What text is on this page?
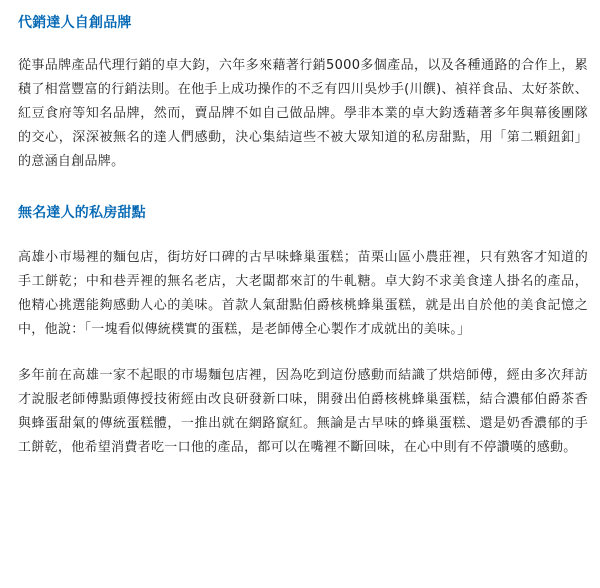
代銷達人自創品牌

從事品牌產品代理行銷的卓大鈞，六年多來藉著行銷5000多個產品，以及各種通路的合作上，累積了相當豐富的行銷法則。在他手上成功操作的不乏有四川吳炒手(川饌)、禎祥食品、太好茶飲、紅豆食府等知名品牌，然而，賣品牌不如自己做品牌。學非本業的卓大鈞透藉著多年與幕後團隊的交心，深深被無名的達人們感動，決心集結這些不被大眾知道的私房甜點，用「第二顆鈕釦」的意涵自創品牌。

無名達人的私房甜點

高雄小市場裡的麵包店，街坊好口碑的古早味蜂巢蛋糕；苗栗山區小農莊裡，只有熟客才知道的手工餅乾；中和巷弄裡的無名老店，大老闆都來訂的牛軋糖。卓大鈞不求美食達人掛名的產品，他精心挑選能夠感動人心的美味。首款人氣甜點伯爵核桃蜂巢蛋糕，就是出自於他的美食記憶之中，他說：「一塊看似傳統樸實的蛋糕，是老師傅全心製作才成就出的美味。」

多年前在高雄一家不起眼的市場麵包店裡，因為吃到這份感動而結識了烘焙師傅，經由多次拜訪才說服老師傅點頭傳授技術經由改良研發新口味，開發出伯爵核桃蜂巢蛋糕，結合濃郁伯爵茶香與蜂蛋甜氣的傳統蛋糕體，一推出就在網路竄紅。無論是古早味的蜂巢蛋糕、還是奶香濃郁的手工餅乾，他希望消費者吃一口他的產品，都可以在嘴裡不斷回味，在心中則有不停讚嘆的感動。
